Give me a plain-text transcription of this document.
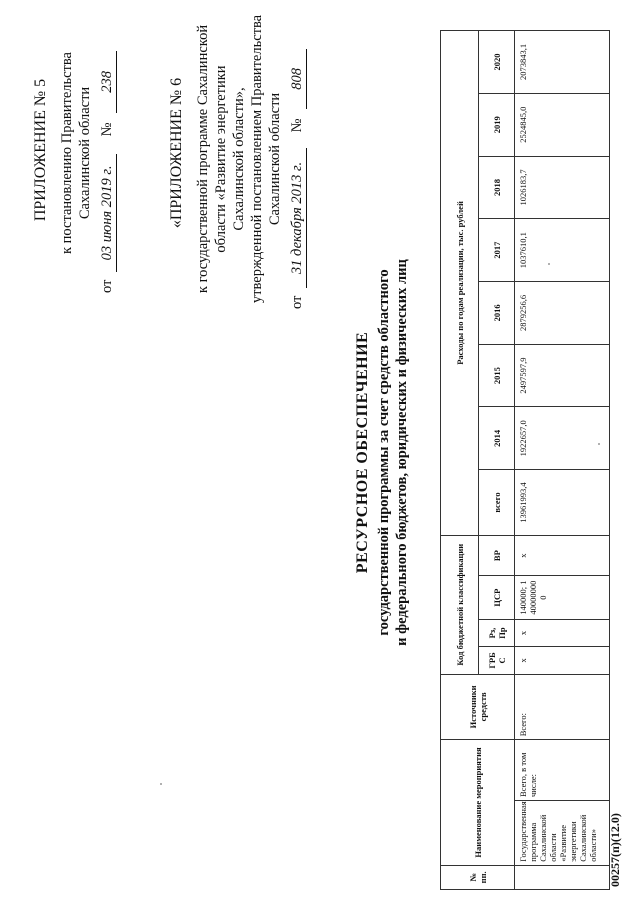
ПРИЛОЖЕНИЕ № 5 к постановлению Правительства Сахалинской области
от 03 июня 2019 г. № 238	«ПРИЛОЖЕНИЕ № 6 к государственной программе Сахалинской области «Развитие энергетики Сахалинской области», утвержденной постановлением Правительства Сахалинской области
от 31 декабря 2013 г. № 808
РЕСУРСНОЕ ОБЕСПЕЧЕНИЕ государственной программы за счет средств областного и федерального бюджетов, юридических и физических лиц
№ пп.	Наименование мероприятия		Источники средств	Код бюджетной классификации				Расходы по годам реализации, тыс. рублей							
				ГРБ С	Рз, Пр	ЦСР	ВР	всего	2014	2015	2016	2017	2018	2019	2020
	Государственная программа Сахалинской области «Развитие энергетики Сахалинской области»	Всего, в том числе:	Всего:	х	х	140000; 1400000000	х	13961993,4	1922657,0	2497597,9	2879256,6	1037610,1	1026183,7	2524845,0	2073843,1
00257(п)(12.0)
